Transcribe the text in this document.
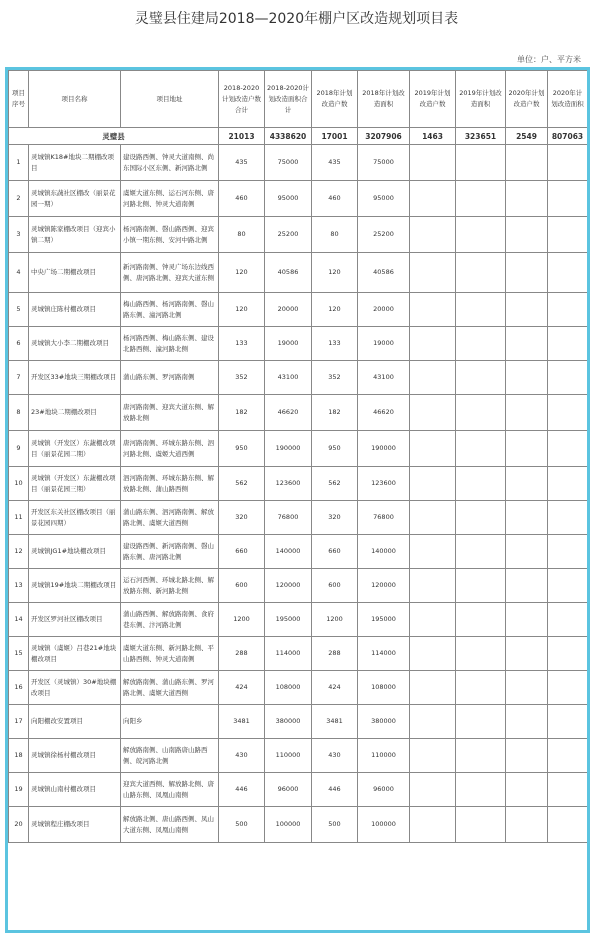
灵璧县住建局2018—2020年棚户区改造规划项目表
单位：户、平方米
项目序号	项目名称	项目地址	2018-2020计划改造户数合计	2018-2020计划改造面积合计	2018年计划改造户数	2018年计划改造面积	2019年计划改造户数	2019年计划改造面积	2020年计划改造户数	2020年计划改造面积
灵璧县			21013	4338620	17001	3207906	1463	323651	2549	807063
1	灵城镇K18#地块二期棚改项目	建设路西侧、钟灵大道南侧、尚东国际小区东侧、新河路北侧	435	75000	435	75000				
2	灵城镇东蔬社区棚改（丽景花园一期）	虞姬大道东侧、运石河东侧、唐河路北侧、钟灵大道南侧	460	95000	460	95000				
3	灵城镇陈家棚改项目（迎宾小镇二期）	杨河路南侧、磬山路西侧、迎宾小镇一期东侧、安河中路北侧	80	25200	80	25200				
4	中央广场二期棚改项目	新河路南侧、钟灵广场东边线西侧、唐河路北侧、迎宾大道东侧	120	40586	120	40586				
5	灵城镇庄陈村棚改项目	梅山路西侧、杨河路南侧、磬山路东侧、潼河路北侧	120	20000	120	20000				
6	灵城镇大小李二期棚改项目	杨河路西侧、梅山路东侧、建设北路西侧、潼河路北侧	133	19000	133	19000				
7	开发区33#地块三期棚改项目	蒲山路东侧、罗河路南侧	352	43100	352	43100				
8	23#地块二期棚改项目	唐河路南侧、迎宾大道东侧、解放路北侧	182	46620	182	46620				
9	灵城镇（开发区）东蔬棚改项目（丽景花园二期）	唐河路南侧、环城东路东侧、泗河路北侧、虞姬大道西侧	950	190000	950	190000				
10	灵城镇（开发区）东蔬棚改项目（丽景花园三期）	泗河路南侧、环城东路东侧、解放路北侧、蒲山路西侧	562	123600	562	123600				
11	开发区东关社区棚改项目（丽景花园四期）	蒲山路东侧、泗河路南侧、解放路北侧、虞姬大道西侧	320	76800	320	76800				
12	灵城镇JG1#地块棚改项目	建设路西侧、新河路南侧、磬山路东侧、唐河路北侧	660	140000	660	140000				
13	灵城镇19#地块二期棚改项目	运石河西侧、环城北路北侧、解放路东侧、新河路北侧	600	120000	600	120000				
14	开发区罗河社区棚改项目	蒲山路西侧、解放路南侧、食府巷东侧、汴河路北侧	1200	195000	1200	195000				
15	灵城镇（虞姬）吕巷21#地块棚改项目	虞姬大道东侧、新河路北侧、平山路西侧、钟灵大道南侧	288	114000	288	114000				
16	开发区（灵城镇）30#地块棚改项目	解放路南侧、蒲山路东侧、罗河路北侧、虞姬大道西侧	424	108000	424	108000				
17	向阳棚改安置项目	向阳乡	3481	380000	3481	380000				
18	灵城镇徐杨村棚改项目	解放路南侧、山南路唐山路西侧、皖河路北侧	430	110000	430	110000				
19	灵城镇山南村棚改项目	迎宾大道西侧、解放路北侧、唐山路东侧、凤凰山南侧	446	96000	446	96000				
20	灵城镇程庄棚改项目	解放路北侧、唐山路西侧、凤山大道东侧、凤凰山南侧	500	100000	500	100000				
